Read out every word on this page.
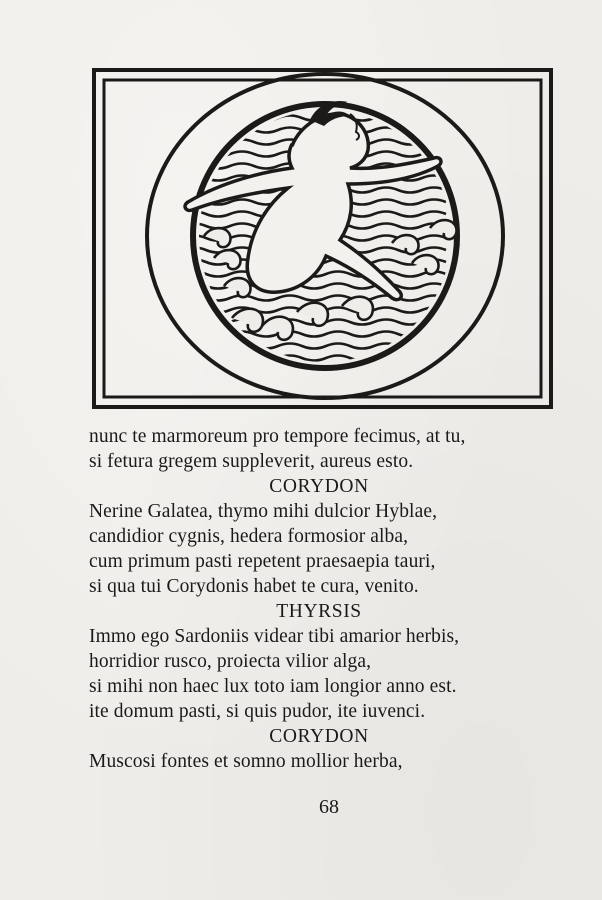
nunc te marmoreum pro tempore fecimus, at tu,
si fetura gregem suppleverit, aureus esto.
CORYDON
Nerine Galatea, thymo mihi dulcior Hyblae,
candidior cygnis, hedera formosior alba,
cum primum pasti repetent praesaepia tauri,
si qua tui Corydonis habet te cura, venito.
THYRSIS
Immo ego Sardoniis videar tibi amarior herbis,
horridior rusco, proiecta vilior alga,
si mihi non haec lux toto iam longior anno est.
ite domum pasti, si quis pudor, ite iuvenci.
CORYDON
Muscosi fontes et somno mollior herba,
68
